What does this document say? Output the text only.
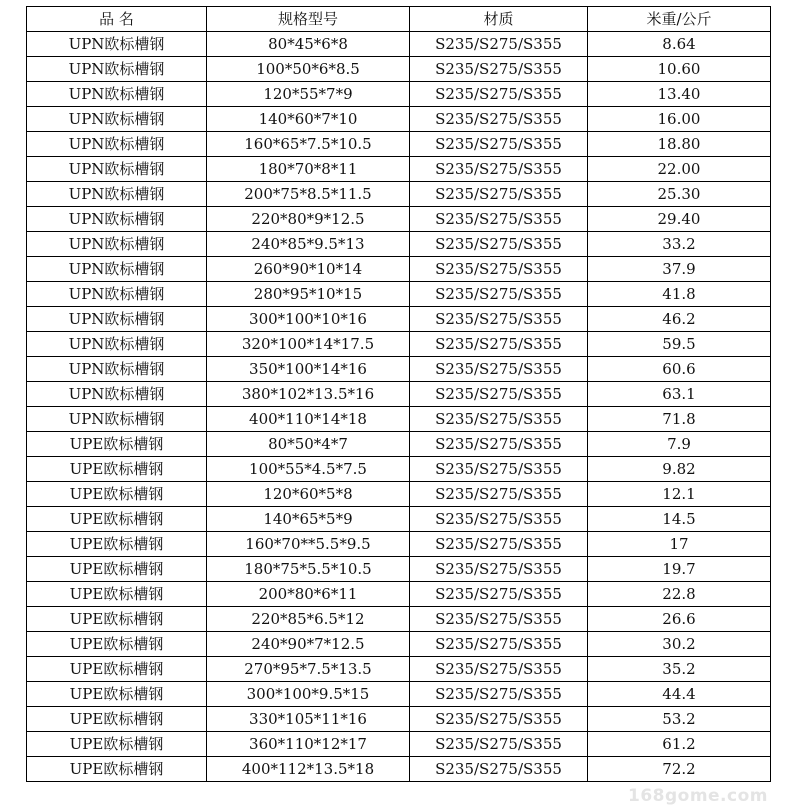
品 名	规格型号	材质	米重/公斤
UPN欧标槽钢	80*45*6*8	S235/S275/S355	8.64
UPN欧标槽钢	100*50*6*8.5	S235/S275/S355	10.60
UPN欧标槽钢	120*55*7*9	S235/S275/S355	13.40
UPN欧标槽钢	140*60*7*10	S235/S275/S355	16.00
UPN欧标槽钢	160*65*7.5*10.5	S235/S275/S355	18.80
UPN欧标槽钢	180*70*8*11	S235/S275/S355	22.00
UPN欧标槽钢	200*75*8.5*11.5	S235/S275/S355	25.30
UPN欧标槽钢	220*80*9*12.5	S235/S275/S355	29.40
UPN欧标槽钢	240*85*9.5*13	S235/S275/S355	33.2
UPN欧标槽钢	260*90*10*14	S235/S275/S355	37.9
UPN欧标槽钢	280*95*10*15	S235/S275/S355	41.8
UPN欧标槽钢	300*100*10*16	S235/S275/S355	46.2
UPN欧标槽钢	320*100*14*17.5	S235/S275/S355	59.5
UPN欧标槽钢	350*100*14*16	S235/S275/S355	60.6
UPN欧标槽钢	380*102*13.5*16	S235/S275/S355	63.1
UPN欧标槽钢	400*110*14*18	S235/S275/S355	71.8
UPE欧标槽钢	80*50*4*7	S235/S275/S355	7.9
UPE欧标槽钢	100*55*4.5*7.5	S235/S275/S355	9.82
UPE欧标槽钢	120*60*5*8	S235/S275/S355	12.1
UPE欧标槽钢	140*65*5*9	S235/S275/S355	14.5
UPE欧标槽钢	160*70**5.5*9.5	S235/S275/S355	17
UPE欧标槽钢	180*75*5.5*10.5	S235/S275/S355	19.7
UPE欧标槽钢	200*80*6*11	S235/S275/S355	22.8
UPE欧标槽钢	220*85*6.5*12	S235/S275/S355	26.6
UPE欧标槽钢	240*90*7*12.5	S235/S275/S355	30.2
UPE欧标槽钢	270*95*7.5*13.5	S235/S275/S355	35.2
UPE欧标槽钢	300*100*9.5*15	S235/S275/S355	44.4
UPE欧标槽钢	330*105*11*16	S235/S275/S355	53.2
UPE欧标槽钢	360*110*12*17	S235/S275/S355	61.2
UPE欧标槽钢	400*112*13.5*18	S235/S275/S355	72.2
168gome.com
